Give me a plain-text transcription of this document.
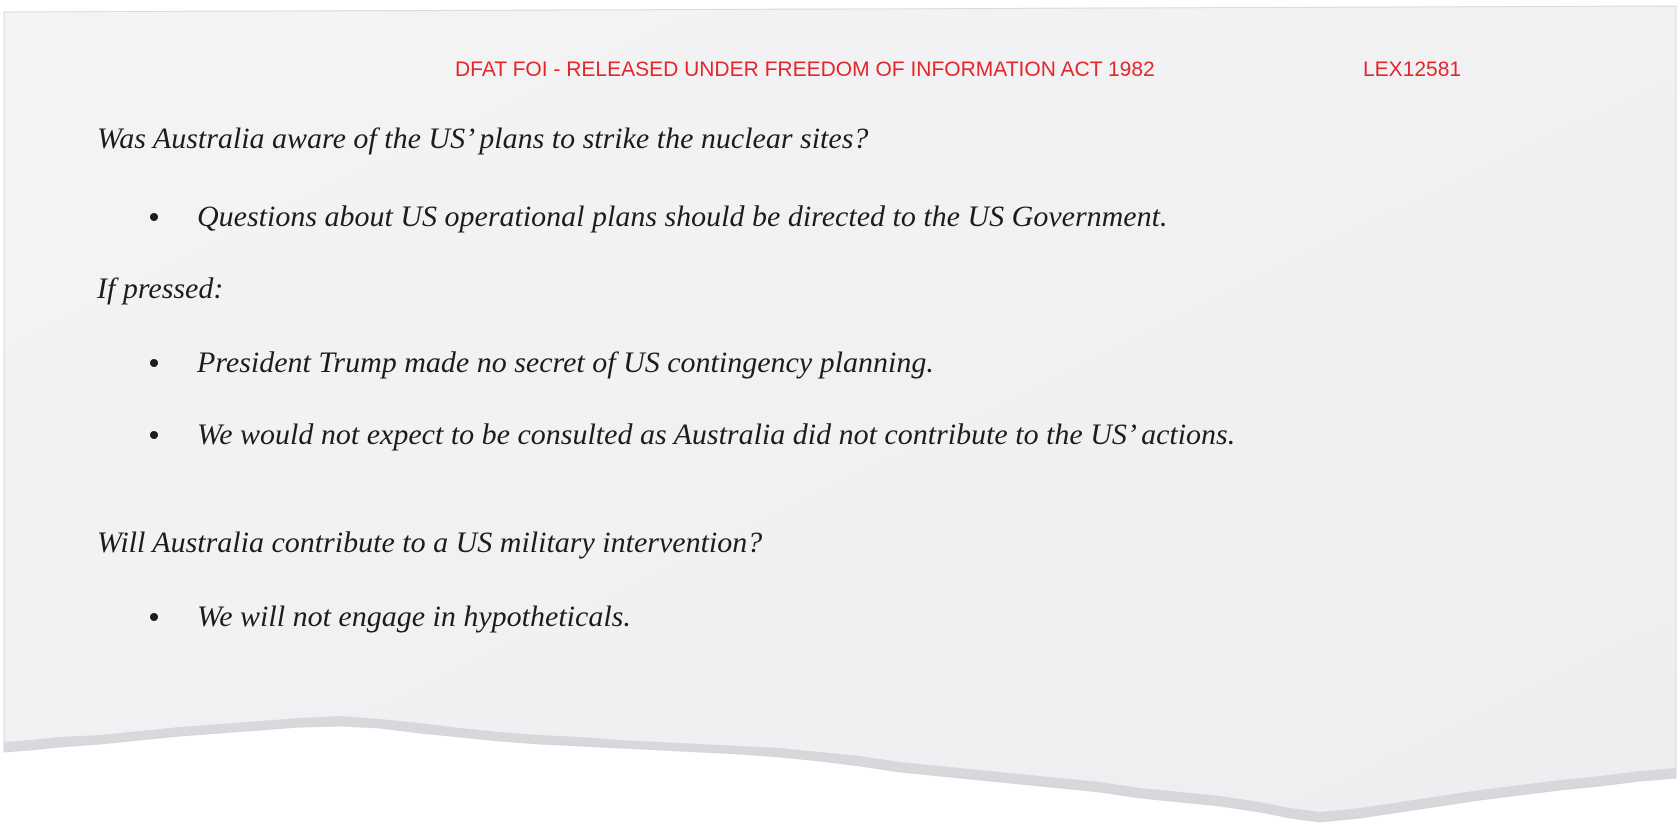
DFAT FOI - RELEASED UNDER FREEDOM OF INFORMATION ACT 1982	LEX12581
Was Australia aware of the US’ plans to strike the nuclear sites?
Questions about US operational plans should be directed to the US Government.
If pressed:
President Trump made no secret of US contingency planning.
We would not expect to be consulted as Australia did not contribute to the US’ actions.
Will Australia contribute to a US military intervention?
We will not engage in hypotheticals.
